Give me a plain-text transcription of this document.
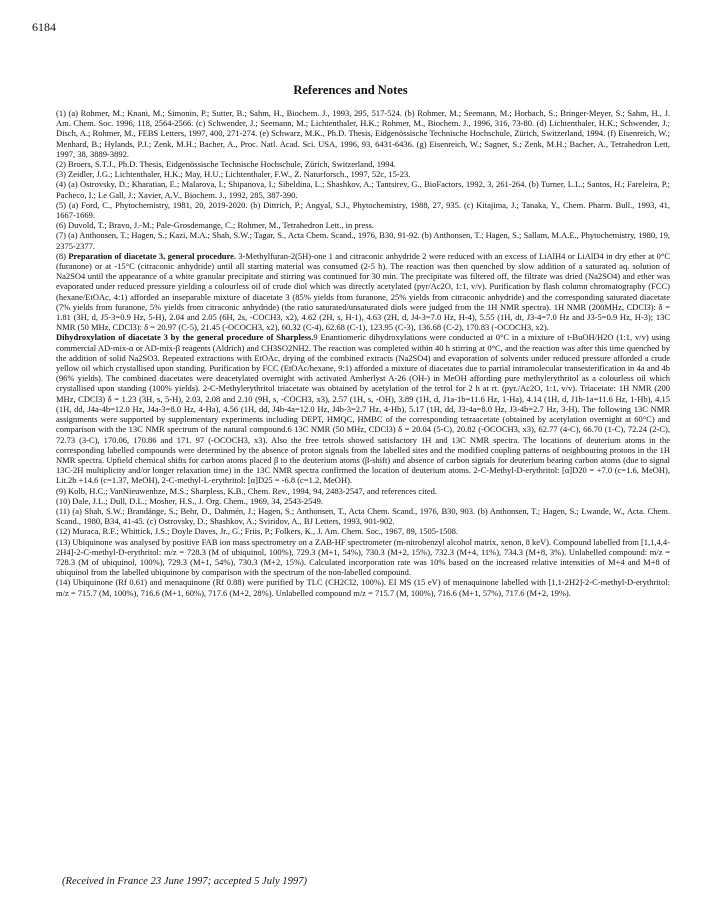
6184
References and Notes

(1) (a) Rohmer, M.; Knani, M.; Simonin, P.; Sutter, B.; Sahm, H., Biochem. J., 1993, 295, 517-524. (b) Rohmer, M.; Seemann, M.; Horbach, S.; Bringer-Meyer, S.; Sahm, H., J. Am. Chem. Soc. 1996, 118, 2564-2566. (c) Schwender, J.; Seemann, M.; Lichtenthaler, H.K.; Rohmer, M., Biochem. J., 1996, 316, 73-80. (d) Lichtenthaler, H.K.; Schwender, J.; Disch, A.; Rohmer, M., FEBS Letters, 1997, 400, 271-274. (e) Schwarz, M.K., Ph.D. Thesis, Eidgenössische Technische Hochschule, Zürich, Switzerland, 1994. (f) Eisenreich, W.; Menhard, B.; Hylands, P.J.; Zenk, M.H.; Bacher, A., Proc. Natl. Acad. Sci. USA, 1996, 93, 6431-6436. (g) Eisenreich, W.; Sagner, S.; Zenk, M.H.; Bacher, A., Tetrahedron Lett, 1997, 38, 3889-3892.

(2) Broers, S.T.J., Ph.D. Thesis, Eidgenössische Technische Hochschule, Zürich, Switzerland, 1994.

(3) Zeidler, J.G.; Lichtenthaler, H.K.; May, H.U.; Lichtenthaler, F.W., Z. Naturforsch., 1997, 52c, 15-23.

(4) (a) Ostrovsky, D.; Kharatian, E.; Malarova, I.; Shipanova, I.; Sibeldina, L.; Shashkov, A.; Tantsirev, G., BioFactors, 1992, 3, 261-264. (b) Turner, L.L.; Santos, H.; Fareleira, P.; Pacheco, I.; Le Gall, J.; Xavier, A.V., Biochem. J., 1992, 285, 387-390.

(5) (a) Ford, C., Phytochemistry, 1981, 20, 2019-2020. (b) Dittrich, P.; Angyal, S.J., Phytochemistry, 1988, 27, 935. (c) Kitajima, J.; Tanaka, Y., Chem. Pharm. Bull., 1993, 41, 1667-1669.

(6) Duvold, T.; Bravo, J.-M.; Pale-Grosdemange, C.; Rohmer, M., Tetrahedron Lett., in press.

(7) (a) Anthonsen, T.; Hagen, S.; Kazi, M.A.; Shah, S.W.; Tagar, S., Acta Chem. Scand., 1976, B30, 91-92. (b) Anthonsen, T.; Hagen, S.; Sallam, M.A.E., Phytochemistry, 1980, 19, 2375-2377.

(8) Preparation of diacetate 3, general procedure. 3-Methylfuran-2(5H)-one 1 and citraconic anhydride 2 were reduced with an excess of LiAlH4 or LiAlD4 in dry ether at 0°C (furanone) or at -15°C (citraconic anhydride) until all starting material was consumed (2-5 h). The reaction was then quenched by slow addition of a saturated aq. solution of Na2SO4 until the appearance of a white granular precipitate and stirring was continued for 30 min. The precipitate was filtered off, the filtrate was dried (Na2SO4) and ether was evaporated under reduced pressure yielding a colourless oil of crude diol which was directly acetylated (pyr/Ac2O, 1:1, v/v). Purification by flash column chromatography (FCC) (hexane/EtOAc, 4:1) afforded an inseparable mixture of diacetate 3 (85% yields from furanone, 25% yields from citraconic anhydride) and the corresponding saturated diacetate (7% yields from furanone, 5% yields from citraconic anhydride) (the ratio saturated/unsaturated diols were judged from the 1H NMR spectra). 1H NMR (200MHz, CDCl3): δ = 1.81 (3H, d, J5-3=0.9 Hz, 5-H), 2.04 and 2.05 (6H, 2s, -COCH3, x2), 4.62 (2H, s, H-1), 4.63 (2H, d, J4-3=7.0 Hz, H-4), 5.55 (1H, dt, J3-4=7.0 Hz and J3-5=0.9 Hz, H-3); 13C NMR (50 MHz, CDCl3): δ = 20.97 (C-5), 21.45 (-OCOCH3, x2), 60.32 (C-4), 62.68 (C-1), 123.95 (C-3), 136.68 (C-2), 170.83 (-OCOCH3, x2).

Dihydroxylation of diacetate 3 by the general procedure of Sharpless.9 Enantiomeric dihydroxylations were conducted at 0°C in a mixture of t-BuOH/H2O (1:1, v/v) using commercial AD-mix-α or AD-mix-β reagents (Aldrich) and CH3SO2NH2. The reaction was completed within 40 h stirring at 0°C, and the reaction was after this time quenched by the addition of solid Na2SO3. Repeated extractions with EtOAc, drying of the combined extracts (Na2SO4) and evaporation of solvents under reduced pressure afforded a crude yellow oil which crystallised upon standing. Purification by FCC (EtOAc/hexane, 9:1) afforded a mixture of diacetates due to partial intramolecular transesterification in 4a and 4b (96% yields). The combined diacetates were deacetylated overnight with activated Amberlyst A-26 (OH-) in MeOH affording pure methylerythritol as a colourless oil which crystallised upon standing (100% yields). 2-C-Methylerythritol triacetate was obtained by acetylation of the tetrol for 2 h at rt. (pyr./Ac2O, 1:1, v/v). Triacetate: 1H NMR (200 MHz, CDCl3) δ = 1.23 (3H, s, 5-H), 2.03, 2.08 and 2.10 (9H, s, -COCH3, x3), 2.57 (1H, s, -OH), 3.89 (1H, d, J1a-1b=11.6 Hz, 1-Ha), 4.14 (1H, d, J1b-1a=11.6 Hz, 1-Hb), 4.15 (1H, dd, J4a-4b=12.0 Hz, J4a-3=8.0 Hz, 4-Ha), 4.56 (1H, dd, J4b-4a=12.0 Hz, J4b-3=2.7 Hz, 4-Hb), 5.17 (1H, dd, J3-4a=8.0 Hz, J3-4b=2.7 Hz, 3-H). The following 13C NMR assignments were supported by supplementary experiments including DEPT, HMQC, HMBC of the corresponding tetraacetate (obtained by acetylation overnight at 60°C) and comparison with the 13C NMR spectrum of the natural compound.6 13C NMR (50 MHz, CDCl3) δ = 20.04 (5-C), 20.82 (-OCOCH3, x3), 62.77 (4-C), 66.70 (1-C), 72.24 (2-C), 72.73 (3-C), 170.06, 170.86 and 171. 97 (-OCOCH3, x3). Also the free tetrols showed satisfactory 1H and 13C NMR spectra. The locations of deuterium atoms in the corresponding labelled compounds were determined by the absence of proton signals from the labelled sites and the modified coupling patterns of neighbouring protons in the 1H NMR spectra. Upfield chemical shifts for carbon atoms placed β to the deuterium atoms (β-shift) and absence of carbon signals for deuterium bearing carbon atoms (due to signal 13C-2H multiplicity and/or longer relaxation time) in the 13C NMR spectra confirmed the location of deuterium atoms. 2-C-Methyl-D-erythritol: [α]D20 = +7.0 (c=1.6, MeOH), Lit.2b +14.6 (c=1.37, MeOH), 2-C-methyl-L-erythritol: [α]D25 = -6.8 (c=1.2, MeOH).

(9) Kolb, H.C.; VanNieuwenhze, M.S.; Sharpless, K.B., Chem. Rev., 1994, 94, 2483-2547, and references cited.

(10) Dale, J.L.; Dull, D.L.; Mosher, H.S., J. Org. Chem., 1969, 34, 2543-2549.

(11) (a) Shah, S.W.; Brandänge, S.; Behr, D., Dahmén, J.; Hagen, S.; Anthonsen, T., Acta Chem. Scand., 1976, B30, 903. (b) Anthonsen, T.; Hagen, S.; Lwande, W., Acta. Chem. Scand., 1980, B34, 41-45. (c) Ostrovsky, D.; Shashkov, A.; Sviridov, A., BJ Letters, 1993, 901-902.

(12) Muraca, R.F.; Whittick, J.S.; Doyle Daves, Jr., G.; Friis, P.; Folkers, K., J. Am. Chem. Soc., 1967, 89, 1505-1508.

(13) Ubiquinone was analysed by positive FAB ion mass spectrometry on a ZAB-HF spectrometer (m-nitrobenzyl alcohol matrix, xenon, 8 keV). Compound labelled from [1,1,4,4-2H4]-2-C-methyl-D-erythritol: m/z = 728.3 (M of ubiquinol, 100%), 729.3 (M+1, 54%), 730.3 (M+2, 15%), 732.3 (M+4, 11%), 734.3 (M+8, 3%). Unlabelled compound: m/z = 728.3 (M of ubiquinol, 100%), 729.3 (M+1, 54%), 730.3 (M+2, 15%). Calculated incorporation rate was 10% based on the increased relative intensities of M+4 and M+8 of ubiquinol from the labelled ubiquinone by comparison with the spectrum of the non-labelled compound.

(14) Ubiquinone (Rf 0.61) and menaquinone (Rf 0.88) were purified by TLC (CH2Cl2, 100%). EI MS (15 eV) of menaquinone labelled with [1,1-2H2]-2-C-methyl-D-erythritol: m/z = 715.7 (M, 100%), 716.6 (M+1, 60%), 717.6 (M+2, 28%). Unlabelled compound m/z = 715.7 (M, 100%), 716.6 (M+1, 57%), 717.6 (M+2, 19%).

(Received in France 23 June 1997; accepted 5 July 1997)
